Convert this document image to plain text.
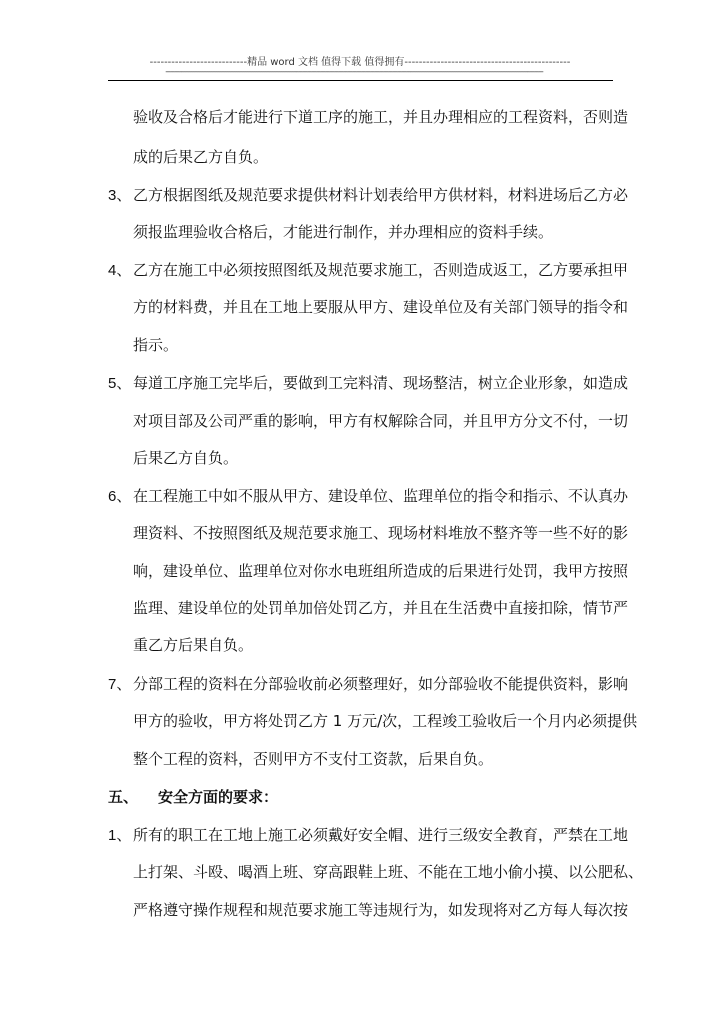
---------------------------精品 word 文档 值得下载 值得拥有----------------------------------------------
------------------------------------------------------------------------------------------------------------------------------------------------------------------------
验收及合格后才能进行下道工序的施工，并且办理相应的工程资料，否则造
成的后果乙方自负。
3、 乙方根据图纸及规范要求提供材料计划表给甲方供材料，材料进场后乙方必
须报监理验收合格后，才能进行制作，并办理相应的资料手续。
4、 乙方在施工中必须按照图纸及规范要求施工，否则造成返工，乙方要承担甲
方的材料费，并且在工地上要服从甲方、建设单位及有关部门领导的指令和
指示。
5、 每道工序施工完毕后，要做到工完料清、现场整洁，树立企业形象，如造成
对项目部及公司严重的影响，甲方有权解除合同，并且甲方分文不付，一切
后果乙方自负。
6、 在工程施工中如不服从甲方、建设单位、监理单位的指令和指示、不认真办
理资料、不按照图纸及规范要求施工、现场材料堆放不整齐等一些不好的影
响，建设单位、监理单位对你水电班组所造成的后果进行处罚，我甲方按照
监理、建设单位的处罚单加倍处罚乙方，并且在生活费中直接扣除，情节严
重乙方后果自负。
7、 分部工程的资料在分部验收前必须整理好，如分部验收不能提供资料，影响
甲方的验收，甲方将处罚乙方 1 万元/次，工程竣工验收后一个月内必须提供
整个工程的资料，否则甲方不支付工资款，后果自负。
五、 安全方面的要求：
1、 所有的职工在工地上施工必须戴好安全帽、进行三级安全教育，严禁在工地
上打架、斗殴、喝酒上班、穿高跟鞋上班、不能在工地小偷小摸、以公肥私、
严格遵守操作规程和规范要求施工等违规行为，如发现将对乙方每人每次按
